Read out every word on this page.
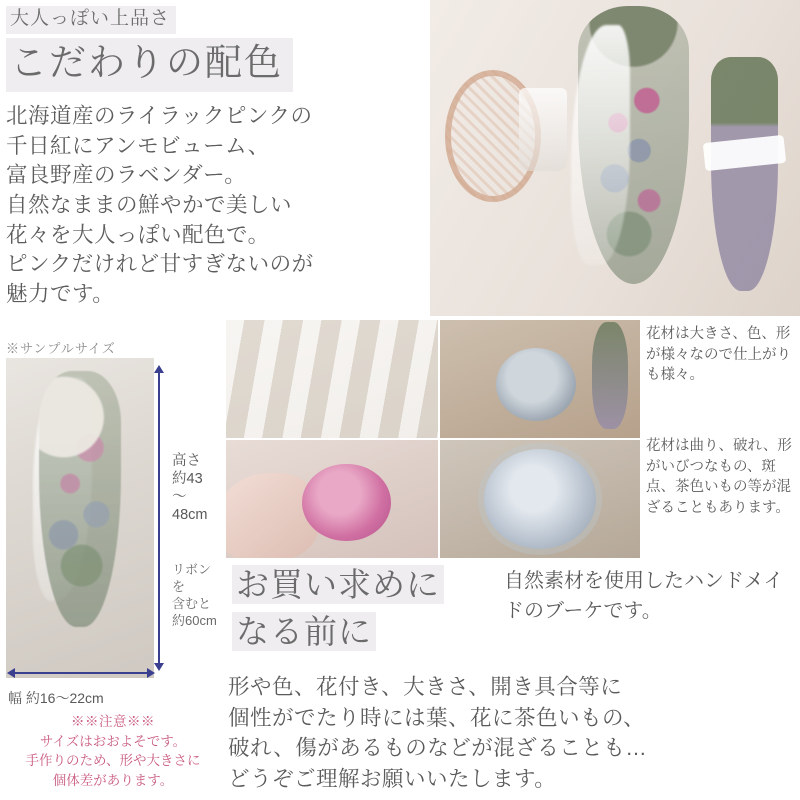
大人っぽい上品さ こだわりの配色
北海道産のライラックピンクの
千日紅にアンモビューム、
富良野産のラベンダー。
自然なままの鮮やかで美しい
花々を大人っぽい配色で。
ピンクだけれど甘すぎないのが
魅力です。
※サンプルサイズ
高さ
約43
〜
48cm
リボン
を
含むと
約60cm
幅 約16〜22cm
※※注意※※
サイズはおおよそです。
手作りのため、形や大きさに
個体差があります。
花材は大きさ、色、形が様々なので仕上がりも様々。
花材は曲り、破れ、形がいびつなもの、斑点、茶色いもの等が混ざることもあります。
お買い求めに
なる前に
自然素材を使用したハンドメイドのブーケです。
形や色、花付き、大きさ、開き具合等に
個性がでたり時には葉、花に茶色いもの、
破れ、傷があるものなどが混ざることも…
どうぞご理解お願いいたします。
